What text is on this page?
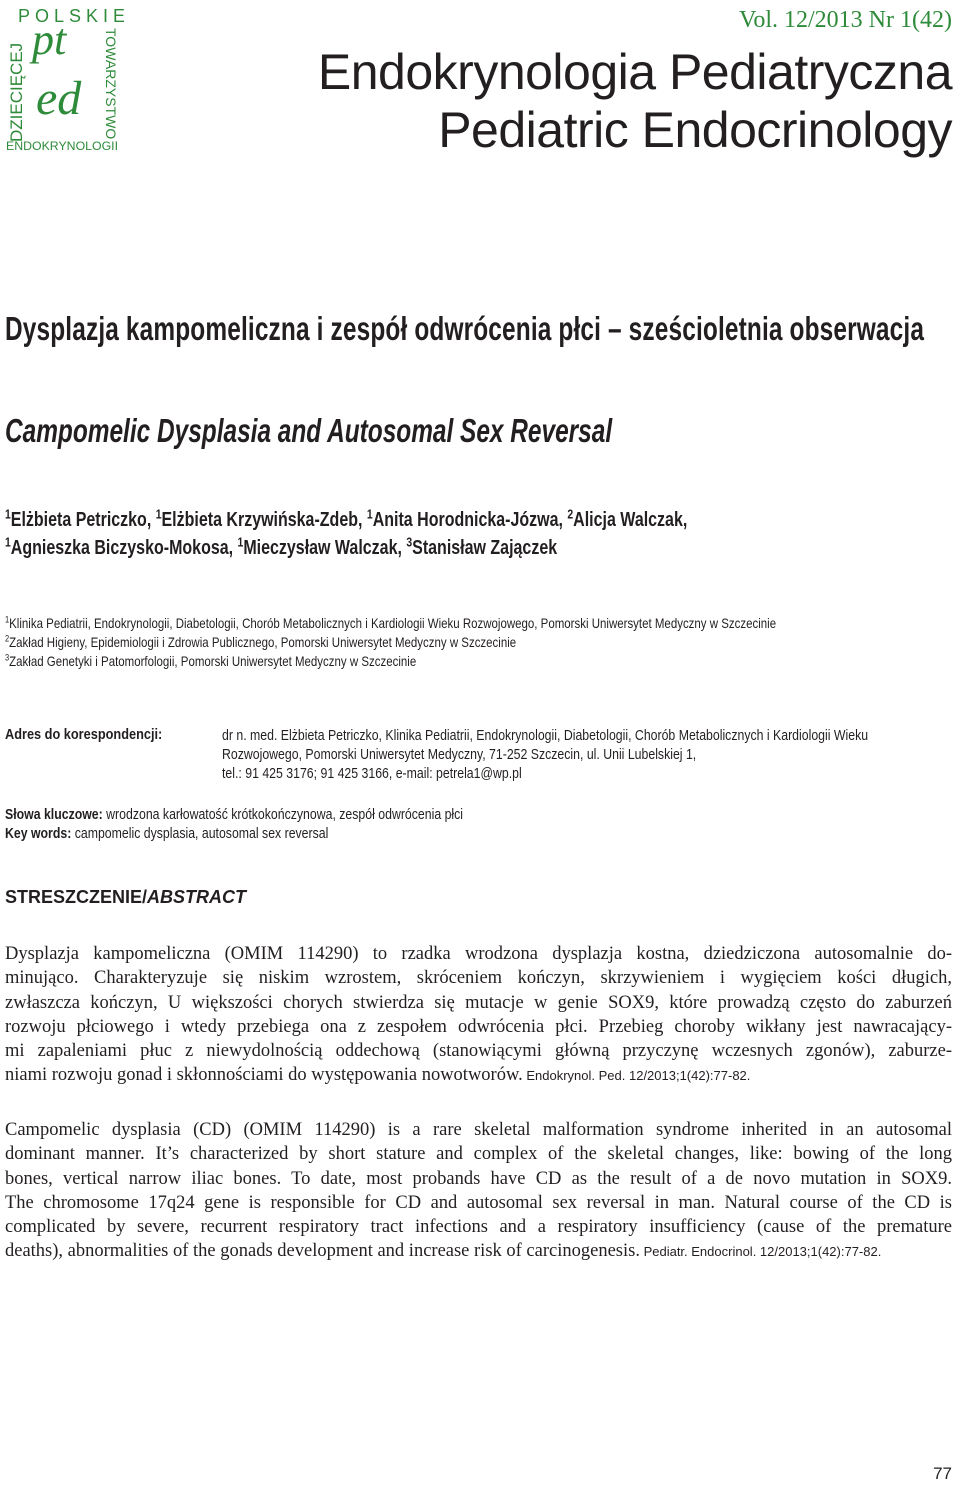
POLSKIE
DZIECIĘCEJ	TOWARZYSTWO
pt
ed
ENDOKRYNOLOGII
Vol. 12/2013 Nr 1(42)
Endokrynologia Pediatryczna
Pediatric Endocrinology
Dysplazja kampomeliczna i zespół odwrócenia płci – sześcioletnia obserwacja
Campomelic Dysplasia and Autosomal Sex Reversal
$^1$Elżbieta Petriczko, $^1$Elżbieta Krzywińska-Zdeb, $^1$Anita Horodnicka-Józwa, $^2$Alicja Walczak,
$^1$Agnieszka Biczysko-Mokosa, $^1$Mieczysław Walczak, $^3$Stanisław Zajączek
$^1$Klinika Pediatrii, Endokrynologii, Diabetologii, Chorób Metabolicznych i Kardiologii Wieku Rozwojowego, Pomorski Uniwersytet Medyczny w Szczecinie
$^2$Zakład Higieny, Epidemiologii i Zdrowia Publicznego, Pomorski Uniwersytet Medyczny w Szczecinie
$^3$Zakład Genetyki i Patomorfologii, Pomorski Uniwersytet Medyczny w Szczecinie
Adres do korespondencji:	dr n. med. Elżbieta Petriczko, Klinika Pediatrii, Endokrynologii, Diabetologii, Chorób Metabolicznych i Kardiologii Wieku
Rozwojowego, Pomorski Uniwersytet Medyczny, 71-252 Szczecin, ul. Unii Lubelskiej 1,
tel.: 91 425 3176; 91 425 3166, e-mail: petrela1@wp.pl
Słowa kluczowe: wrodzona karłowatość krótkokończynowa, zespół odwrócenia płci
Key words: campomelic dysplasia, autosomal sex reversal
STRESZCZENIE/ABSTRACT
Dysplazja kampomeliczna (OMIM 114290) to rzadka wrodzona dysplazja kostna, dziedziczona autosomalnie do-
minująco. Charakteryzuje się niskim wzrostem, skróceniem kończyn, skrzywieniem i wygięciem kości długich,
zwłaszcza kończyn, U większości chorych stwierdza się mutacje w genie SOX9, które prowadzą często do zaburzeń
rozwoju płciowego i wtedy przebiega ona z zespołem odwrócenia płci. Przebieg choroby wikłany jest nawracający-
mi zapaleniami płuc z niewydolnością oddechową (stanowiącymi główną przyczynę wczesnych zgonów), zaburze-
niami rozwoju gonad i skłonnościami do występowania nowotworów. Endokrynol. Ped. 12/2013;1(42):77-82.
Campomelic dysplasia (CD) (OMIM 114290) is a rare skeletal malformation syndrome inherited in an autosomal
dominant manner. It’s characterized by short stature and complex of the skeletal changes, like: bowing of the long
bones, vertical narrow iliac bones. To date, most probands have CD as the result of a de novo mutation in SOX9.
The chromosome 17q24 gene is responsible for CD and autosomal sex reversal in man. Natural course of the CD is
complicated by severe, recurrent respiratory tract infections and a respiratory insufficiency (cause of the premature
deaths), abnormalities of the gonads development and increase risk of carcinogenesis. Pediatr. Endocrinol. 12/2013;1(42):77-82.
77
